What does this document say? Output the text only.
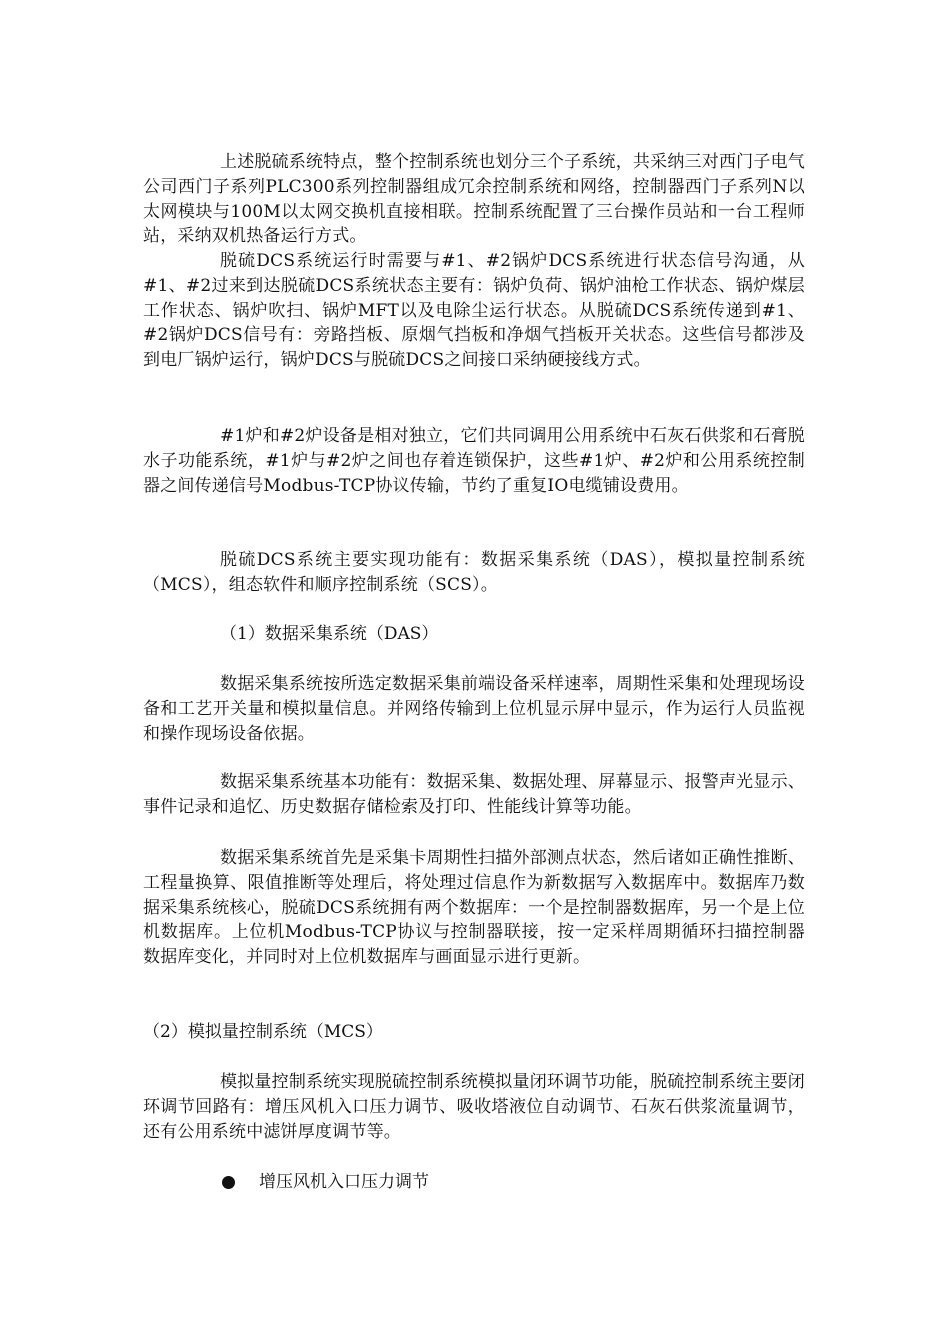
上述脱硫系统特点，整个控制系统也划分三个子系统，共采纳三对西门子电气公司西门子系列PLC300系列控制器组成冗余控制系统和网络，控制器西门子系列N以太网模块与100M以太网交换机直接相联。控制系统配置了三台操作员站和一台工程师站，采纳双机热备运行方式。

脱硫DCS系统运行时需要与#1、#2锅炉DCS系统进行状态信号沟通，从#1、#2过来到达脱硫DCS系统状态主要有：锅炉负荷、锅炉油枪工作状态、锅炉煤层工作状态、锅炉吹扫、锅炉MFT以及电除尘运行状态。从脱硫DCS系统传递到#1、#2锅炉DCS信号有：旁路挡板、原烟气挡板和净烟气挡板开关状态。这些信号都涉及到电厂锅炉运行，锅炉DCS与脱硫DCS之间接口采纳硬接线方式。

#1炉和#2炉设备是相对独立，它们共同调用公用系统中石灰石供浆和石膏脱水子功能系统，#1炉与#2炉之间也存着连锁保护，这些#1炉、#2炉和公用系统控制器之间传递信号Modbus-TCP协议传输，节约了重复IO电缆铺设费用。

脱硫DCS系统主要实现功能有：数据采集系统（DAS），模拟量控制系统（MCS），组态软件和顺序控制系统（SCS）。

（1）数据采集系统（DAS）

数据采集系统按所选定数据采集前端设备采样速率，周期性采集和处理现场设备和工艺开关量和模拟量信息。并网络传输到上位机显示屏中显示，作为运行人员监视和操作现场设备依据。

数据采集系统基本功能有：数据采集、数据处理、屏幕显示、报警声光显示、事件记录和追忆、历史数据存储检索及打印、性能线计算等功能。

数据采集系统首先是采集卡周期性扫描外部测点状态，然后诸如正确性推断、工程量换算、限值推断等处理后，将处理过信息作为新数据写入数据库中。数据库乃数据采集系统核心，脱硫DCS系统拥有两个数据库：一个是控制器数据库，另一个是上位机数据库。上位机Modbus-TCP协议与控制器联接，按一定采样周期循环扫描控制器数据库变化，并同时对上位机数据库与画面显示进行更新。

（2）模拟量控制系统（MCS）

模拟量控制系统实现脱硫控制系统模拟量闭环调节功能，脱硫控制系统主要闭环调节回路有：增压风机入口压力调节、吸收塔液位自动调节、石灰石供浆流量调节，还有公用系统中滤饼厚度调节等。

增压风机入口压力调节
